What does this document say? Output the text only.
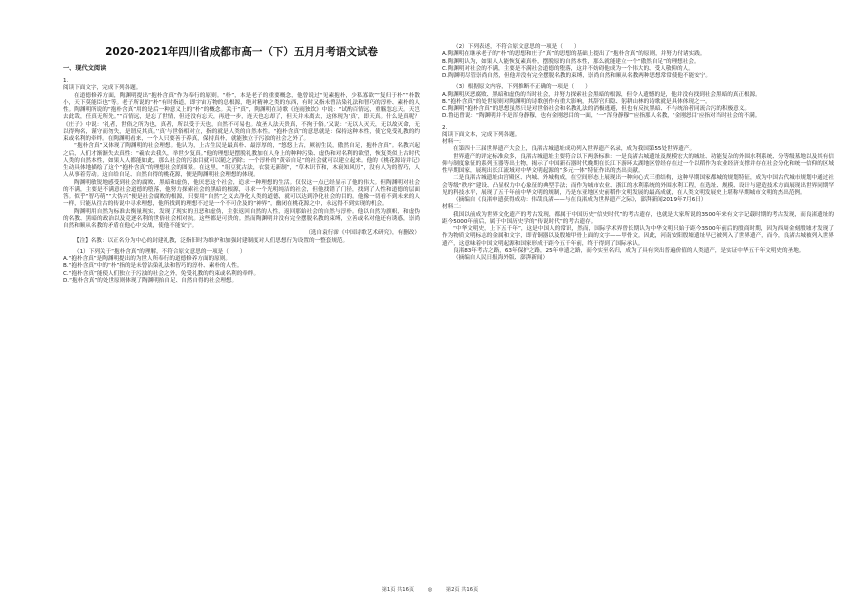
2020-2021年四川省成都市高一（下）五月月考语文试卷
一、现代文阅读

1.

阅读下面文字，完成下列各题。

在道德修养方面，陶渊明提出“抱朴含真”作为奉行的原则。“朴”，本是老子的重要概念，他曾说过“见素抱朴，少私寡欲”“复归于朴”“朴散小，天下莫能臣也”等。老子所说的“朴”有时指道，即宇宙万物的总根源，绝对精神之类的东西，有时又指未曾沾染礼法和智巧的淳朴、素朴的人性。陶渊明所说的“抱朴含真”用的是后一种意义上的“朴”的概念。关于“真”，陶渊明在诗歌《连雨独饮》中说：“试酌百情远，重觞忽忘天。天岂去此哉，任真无所先。”“百情远，是忘了世情，但还没有忘天，再进一步，连天也忘却了，但天并未离去，这体现为‘真’，即天真。什么是真呢？《庄子》中说：‘礼者，世俗之所为也，真者，所以受于天也，自然不可易也。故圣人法天贵真，不拘于俗。’又说：‘无以人灭天，无以故灭命，无以得殉名，谨守而勿失，是谓反其真。’‘真’与世俗相对立，指的就是人类的自然本性。“抱朴含真”的意思就是：保持这种本性，使它免受礼教的约束或名利的牵绊。在陶渊明看来，一个人只要善于养真，保持真朴，就能独立于污浊的社会之外了。

“抱朴含真”又体现了陶渊明的社会理想。他认为，上古生民是最真朴、最淳厚的，“悠悠上古，厥初生民，傲然自足，抱朴含真”。名教兴起之后，人们才渐渐失去真性：“羲农去我久，举世少复真。”他的理想是摆脱礼教加在人身上的种种污染、虚伪和对名利的欲望，恢复类似上古时代人类的自然本性，如果人人都能如此，那么社会的污浊目就可以随之消除；一个淳朴的“黄帝自足”的社会就可以建立起来。他的《桃花源诗并记》生动具体地描绘了这个“抱朴含真”的理想社会的图景。在这里，“俎豆犹古法，衣裳无新制”，“草木识节和，木衰知风厉”，没有人为的智巧，人人从事着劳动。这自给自足、自然自得的桃花源，便是陶渊明社会理想的体现。

陶渊明敏锐地感受到社会的腐败、黑暗和虚伪，他厌恶这个社会，追求一种理想的生活。仅仅这一点已经显示了他的伟大。但陶渊明对社会的不满，主要是不满意社会道德的堕落，他努力探索社会的黑暗的根源，寻求一个光明纯洁的社会，但他找错了门径，找到了人性和道德的层面答。似乎“智巧萌”“大伪兴”便是社会腐败的根源，只要用“自然”之义去净化人类的道德，就可以达到净化社会的目的。他像一切看不到未来的人一样，只能从往古的传说中寻求理想，他所找到的理想不过是一个不可企及的“神界”，幽闭在桃花源之中，永远得不到实现的机会。

陶渊明用自然为标准去衡量现实，发现了现实的丑恶和虚伪，主张返回自然的人性，返回那始社会的自然与淳朴。他以自然为旗帜，和虚伪的名教、黑暗的政治以及竞逐名利的世俗社会相对抗。这些都是可贵的。然而陶渊明并没有完全摆脱名教的束缚，立善或名对他还有诱惑，崇尚自然和顺从名教的矛盾在他心中交战，使他不能安宁。

（选自袁行霈《中国诗歌艺术研究》，有删改）

【注】名教：以正名分为中心的封建礼教，泛指旧时为维护和加强封建制度对人们思想行为设置的一整套规范。

（1）下列关于“抱朴含真”的理解，不符合原文意思的一项是（　　）

A.“抱朴含真”是陶渊明提出的为世人所奉行的道德修养方面的原则。

B.“抱朴含真”中的“朴”指的是未曾沾染礼法和智巧的淳朴、素朴的人性。

C.“抱朴含真”能使人们独立于污浊的社会之外，免受礼教的约束或名利的牵绊。

D.“抱朴含真”的处世原则体现了陶渊明抬自足、自然自得的社会理想。

（2）下列表述，不符合原文意思的一项是（　　）

A.陶渊明在继承老子的“朴”的思想和庄子“真”的思想的基础上提出了“抱朴含真”的原则，并努力付诸实践。

B.陶渊明认为，如果人人能恢复素真朴，摆脱原的自然本性，那么就能建立一个“傲然自足”的理想社会。

C.陶渊明对社会的不满，主要是不满社会道德的堕落，这并不妨碍他成为一个伟大的、受人敬仰的人。

D.陶渊明尽管崇尚自然，但他并没有完全摆脱名教的束缚，崇尚自然和顺从名教两种思想常常使他不能安宁。

（3）根据原文内容，下列推断不正确的一项是（　　）

A.陶渊明厌恶腐败、黑暗和虚伪的当时社会，并努力探索社会黑暗的根源，但令人遗憾的是，他并没有找到社会黑暗的真正根源。

B.“抱朴含真”的处世原则对陶渊明的诗歌创作有重大影响，其辞官归隐、躬耕山林的诗歌就是具体体现之一。

C.陶渊明“抱朴含真”的思想虽然只是对世俗社会和名教礼法的消极逃避，但也有反抗黑暗、不与统治者同流合污的积极意义。

D.鲁迅曾说：“陶渊明并不是浑身静穆，也有金刚怒目的一面，‘一“浑身静穆”’应指那人名教，‘金刚怒目’应指对当时社会的不满。

2.

阅读下面文本，完成下列各题。

材料一：

在第四十三届世界遗产大会上，良渚古城遗址成功列入世界遗产名录，成为我国第55处世界遗产。

世界遗产的评定标准众多，良渚古城遗址主要符合以下两条标准：一是良渚古城遗址及规模宏大的城址、功能复杂的外围水利系统、分等级墓地以及其有信仰与制度象征的系列玉器等出土物，揭示了中国新石器时代晚期在长江下游环太湖地区曾经存在过一个以稻作为农业经济支撑并存在社会分化和统一信仰的区域性早期国家，展现出长江流域对中华文明起源的“多元一体”特征作出的杰出贡献。

二是良渚古城遗址由宫殿区、内城、外城构成，在空间形态上展现出一种向心式三重结构，这种早期国家都城的规划特征，成为中国古代城市规划中通过社会等级“秩序”建设、凸显权力中心象征的典型手法；而作为城市农业、浙江的水利系统的外围水利工程，在选址、规模、设计与建造技术方面展现出世界同期罕见的科技水平，展现了五千年前中华文明的规制，乃是东亚地区史前稻作文明发展的最高成就，在人类文明发展史上堪称早期城市文明的杰出范例。

（摘编自《良渚申遗获得成功：伟哉良渚——与在良渚成为世界遗产之际》，澎湃新闻2019年7月6日）

材料二：

我国以前成为世界文化遗产的考古发现，都属于中国历史“信史时代”的考古遗存，也就是大家所说的3500年来有文字记载时期的考古发现，而良渚遗址的距今5000年前后，属于中国历史学的“传说时代”的考古遗存。

“中华文明史，上下五千年”，这是中国人的常识，然而，国际学术界曾长期认为中华文明只始于距今3500年前后的殷商时期，因为西周金刻殷墟才发现了作为物质文明标志的金属和文字，即青铜器以及殷墟甲骨上面的文字——甲骨文。因此，河南安阳殷墟遗址早已被列入了世界遗产，而今，良渚古城被列入世界遗产，这意味着中国文明起源和国家形成于距今五千年前，终于得到了国际承认。

良渚83年考古之路，63年保护之路，25年申遗之路，而今实至名归，成为了具有突出普遍价值的人类遗产，是实证中华五千年文明史的圣地。

（摘编自人民日报海外版、澎湃新闻）

第1页 共16页	◎	第2页 共16页
